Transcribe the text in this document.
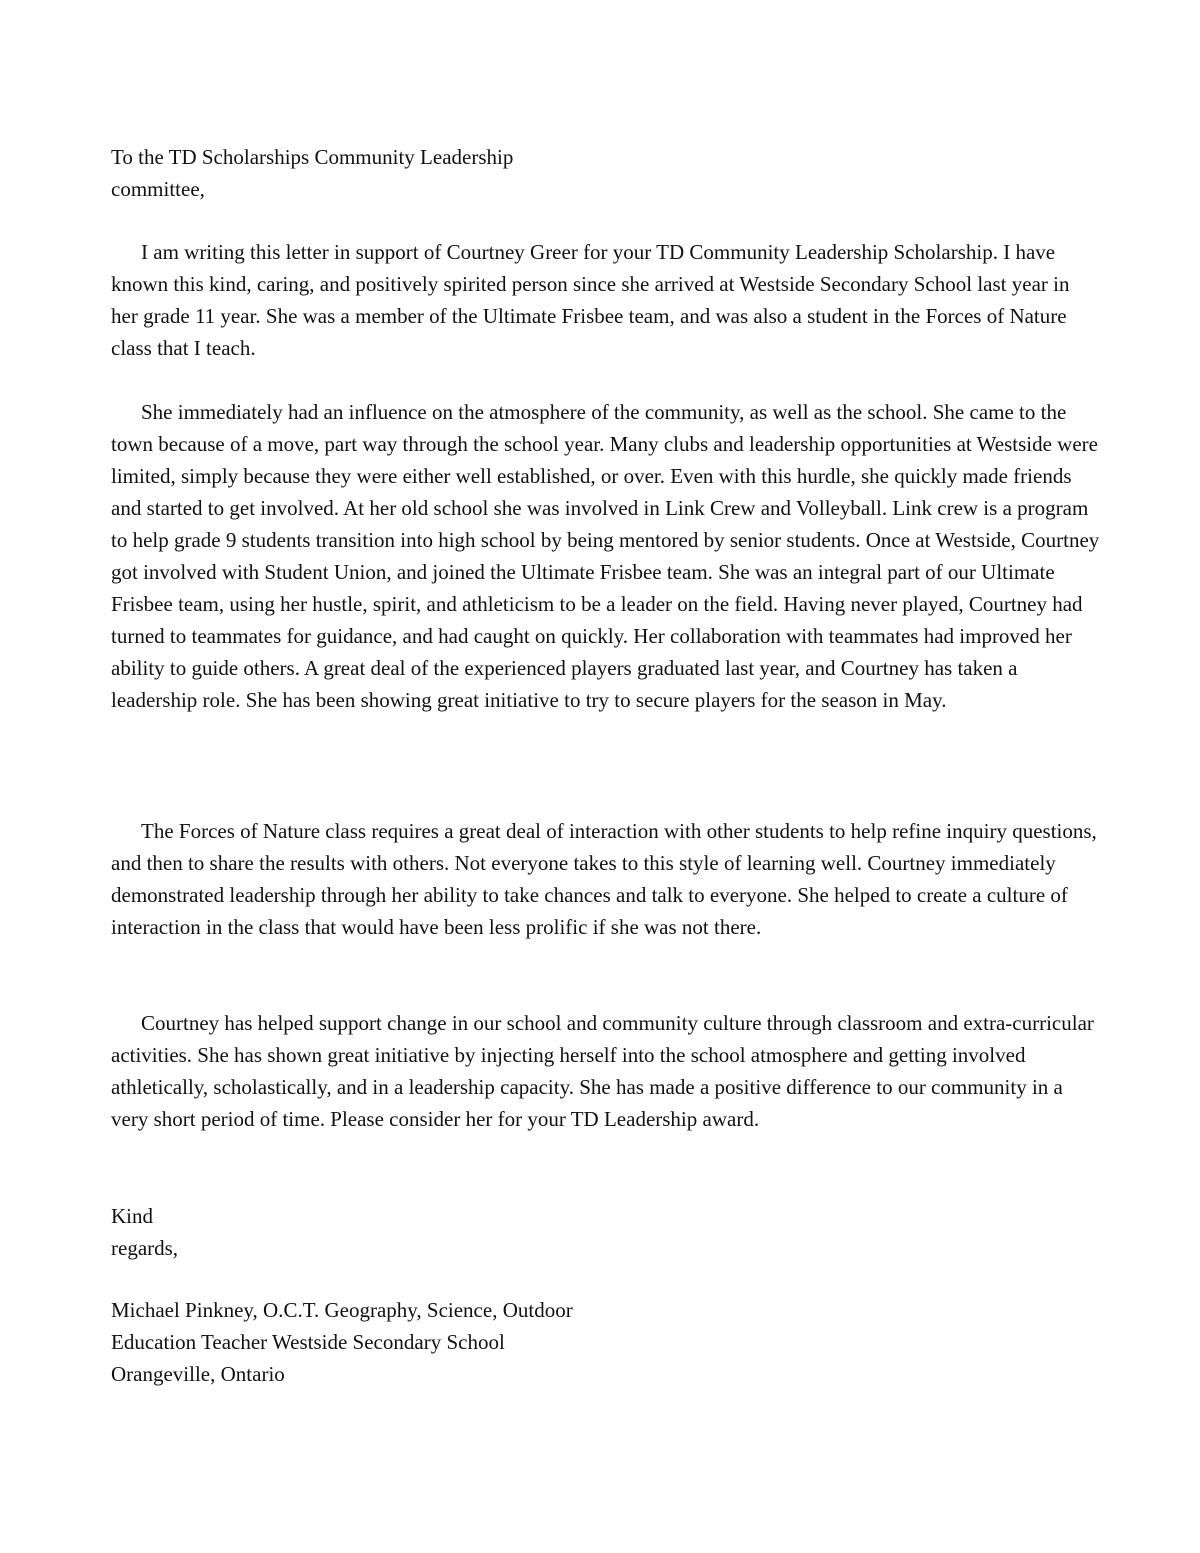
To the TD Scholarships Community Leadership committee,

I am writing this letter in support of Courtney Greer for your TD Community Leadership Scholarship. I have known this kind, caring, and positively spirited person since she arrived at Westside Secondary School last year in her grade 11 year. She was a member of the Ultimate Frisbee team, and was also a student in the Forces of Nature class that I teach.

She immediately had an influence on the atmosphere of the community, as well as the school. She came to the town because of a move, part way through the school year. Many clubs and leadership opportunities at Westside were limited, simply because they were either well established, or over. Even with this hurdle, she quickly made friends and started to get involved. At her old school she was involved in Link Crew and Volleyball. Link crew is a program to help grade 9 students transition into high school by being mentored by senior students. Once at Westside, Courtney got involved with Student Union, and joined the Ultimate Frisbee team. She was an integral part of our Ultimate Frisbee team, using her hustle, spirit, and athleticism to be a leader on the field. Having never played, Courtney had turned to teammates for guidance, and had caught on quickly. Her collaboration with teammates had improved her ability to guide others. A great deal of the experienced players graduated last year, and Courtney has taken a leadership role. She has been showing great initiative to try to secure players for the season in May.

The Forces of Nature class requires a great deal of interaction with other students to help refine inquiry questions, and then to share the results with others. Not everyone takes to this style of learning well. Courtney immediately demonstrated leadership through her ability to take chances and talk to everyone. She helped to create a culture of interaction in the class that would have been less prolific if she was not there.

Courtney has helped support change in our school and community culture through classroom and extra-curricular activities. She has shown great initiative by injecting herself into the school atmosphere and getting involved athletically, scholastically, and in a leadership capacity. She has made a positive difference to our community in a very short period of time. Please consider her for your TD Leadership award.

Kind regards,

Michael Pinkney, O.C.T. Geography, Science, Outdoor Education Teacher Westside Secondary School Orangeville, Ontario
